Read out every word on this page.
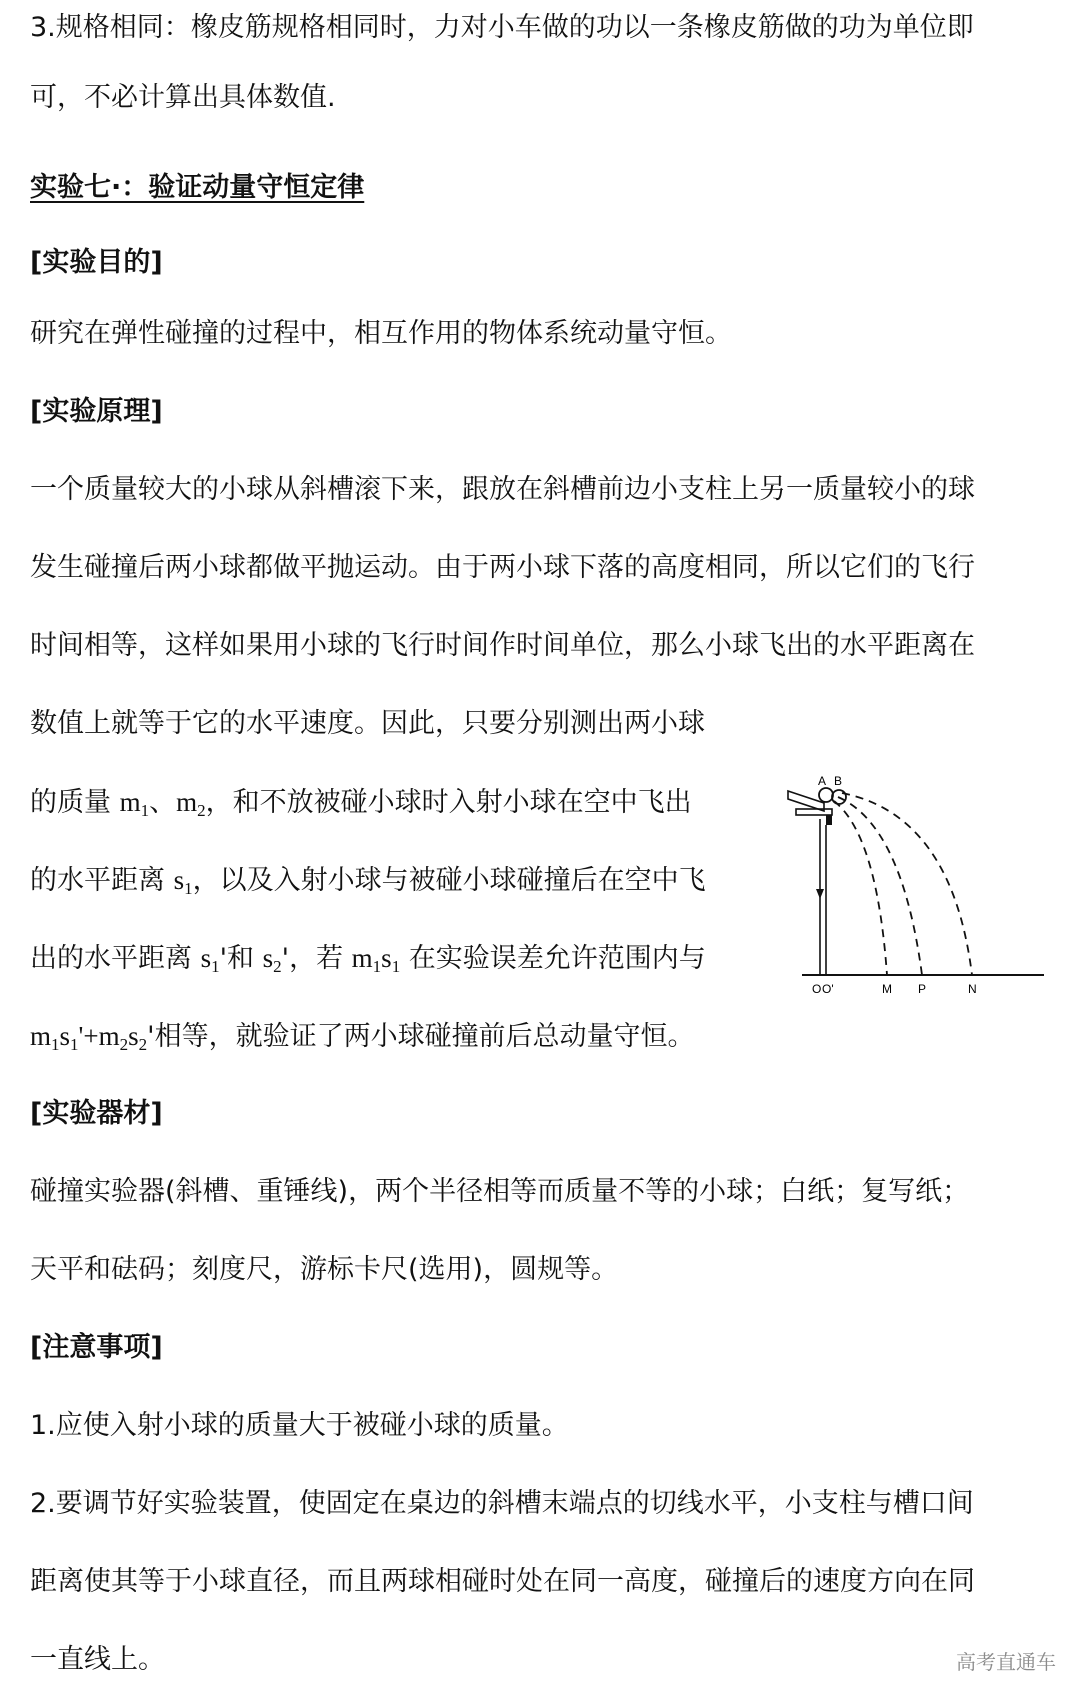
3.规格相同：橡皮筋规格相同时，力对小车做的功以一条橡皮筋做的功为单位即
可，不必计算出具体数值.
实验七·：验证动量守恒定律
[实验目的]
研究在弹性碰撞的过程中，相互作用的物体系统动量守恒。
[实验原理]
一个质量较大的小球从斜槽滚下来，跟放在斜槽前边小支柱上另一质量较小的球
发生碰撞后两小球都做平抛运动。由于两小球下落的高度相同，所以它们的飞行
时间相等，这样如果用小球的飞行时间作时间单位，那么小球飞出的水平距离在
数值上就等于它的水平速度。因此，只要分别测出两小球
的质量 $m_1$、$m_2$，和不放被碰小球时入射小球在空中飞出
的水平距离 $s_1$，以及入射小球与被碰小球碰撞后在空中飞
出的水平距离 $s_1'$和 $s_2'$，若 $m_1s_1$ 在实验误差允许范围内与
$m_1s_1'+m_2s_2'$相等，就验证了两小球碰撞前后总动量守恒。
[实验器材]
碰撞实验器(斜槽、重锤线)，两个半径相等而质量不等的小球；白纸；复写纸；
天平和砝码；刻度尺，游标卡尺(选用)，圆规等。
[注意事项]
1.应使入射小球的质量大于被碰小球的质量。
2.要调节好实验装置，使固定在桌边的斜槽末端点的切线水平，小支柱与槽口间
距离使其等于小球直径，而且两球相碰时处在同一高度，碰撞后的速度方向在同
一直线上。
A B
O O'	M P	N
高考直通车
